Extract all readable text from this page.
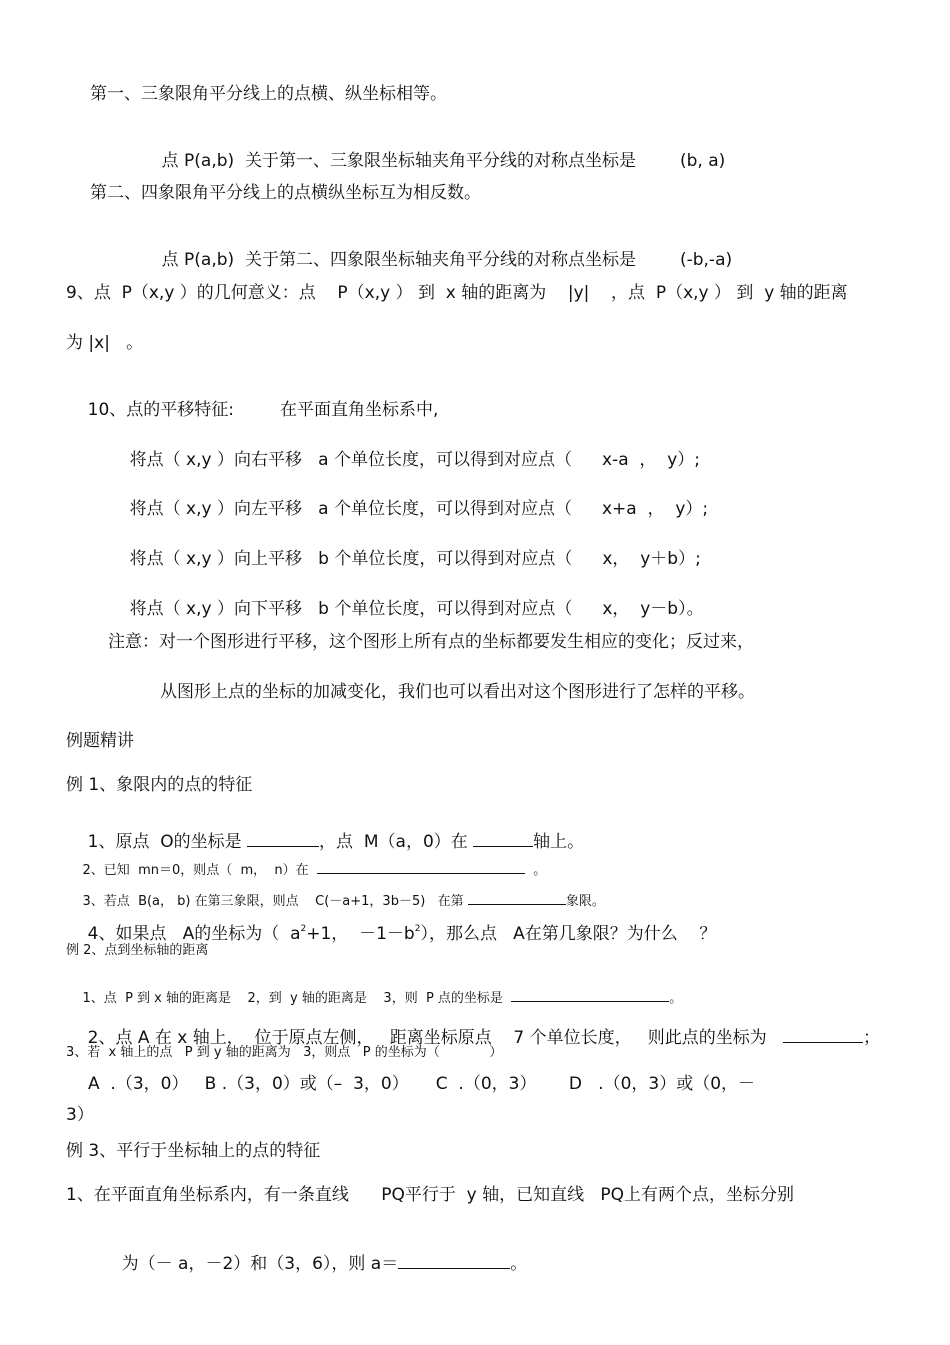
第一、三象限角平分线上的点横、纵坐标相等。

点 P(a,b)  关于第一、三象限坐标轴夹角平分线的对称点坐标是	(b, a)

第二、四象限角平分线上的点横纵坐标互为相反数。

点 P(a,b)  关于第二、四象限坐标轴夹角平分线的对称点坐标是	(-b,-a)

9、点  P（x,y ）的几何意义：点    P（x,y ） 到  x 轴的距离为    |y|    ，点  P（x,y ） 到  y 轴的距离
为 |x|   。

10、点的平移特征:	在平面直角坐标系中,

将点（ x,y ）向右平移   a 个单位长度，可以得到对应点（ x-a  ，  y）;

将点（ x,y ）向左平移   a 个单位长度，可以得到对应点（ x+a  ，  y）;

将点（ x,y ）向上平移   b 个单位长度，可以得到对应点（ x，  y＋b）;

将点（ x,y ）向下平移   b 个单位长度，可以得到对应点（ x，  y－b）。

注意：对一个图形进行平移，这个图形上所有点的坐标都要发生相应的变化；反过来，
从图形上点的坐标的加减变化，我们也可以看出对这个图形进行了怎样的平移。
例题精讲
例 1、象限内的点的特征

1、原点  O的坐标是	，点  M（a，0）在	轴上。

2、已知  mn＝0，则点（  m，  n）在	。

3、若点  B(a， b) 在第三象限，则点    C(－a+1，3b－5)   在第	象限。

4、如果点   A的坐标为（  $a^2+1$，  $-1-b^2$），那么点   A在第几象限？为什么    ？

例 2、点到坐标轴的距离

1、点  P 到 x 轴的距离是    2，到  y 轴的距离是    3，则  P 点的坐标是	。

2、点 A 在 x 轴上，  位于原点左侧，   距离坐标原点    7 个单位长度，   则此点的坐标为	；

3、若  x 轴上的点   P 到 y 轴的距离为   3，则点   P 的坐标为（            ）
A  .（3，0）   B .（3，0）或（–  3，0）     C  .（0，3）      D   .（0，3）或（0，－
3）
例 3、平行于坐标轴上的点的特征
1、在平面直角坐标系内，有一条直线      PQ平行于  y 轴，已知直线   PQ上有两个点，坐标分别

为（－ a，－2）和（3，6），则 a＝	。
